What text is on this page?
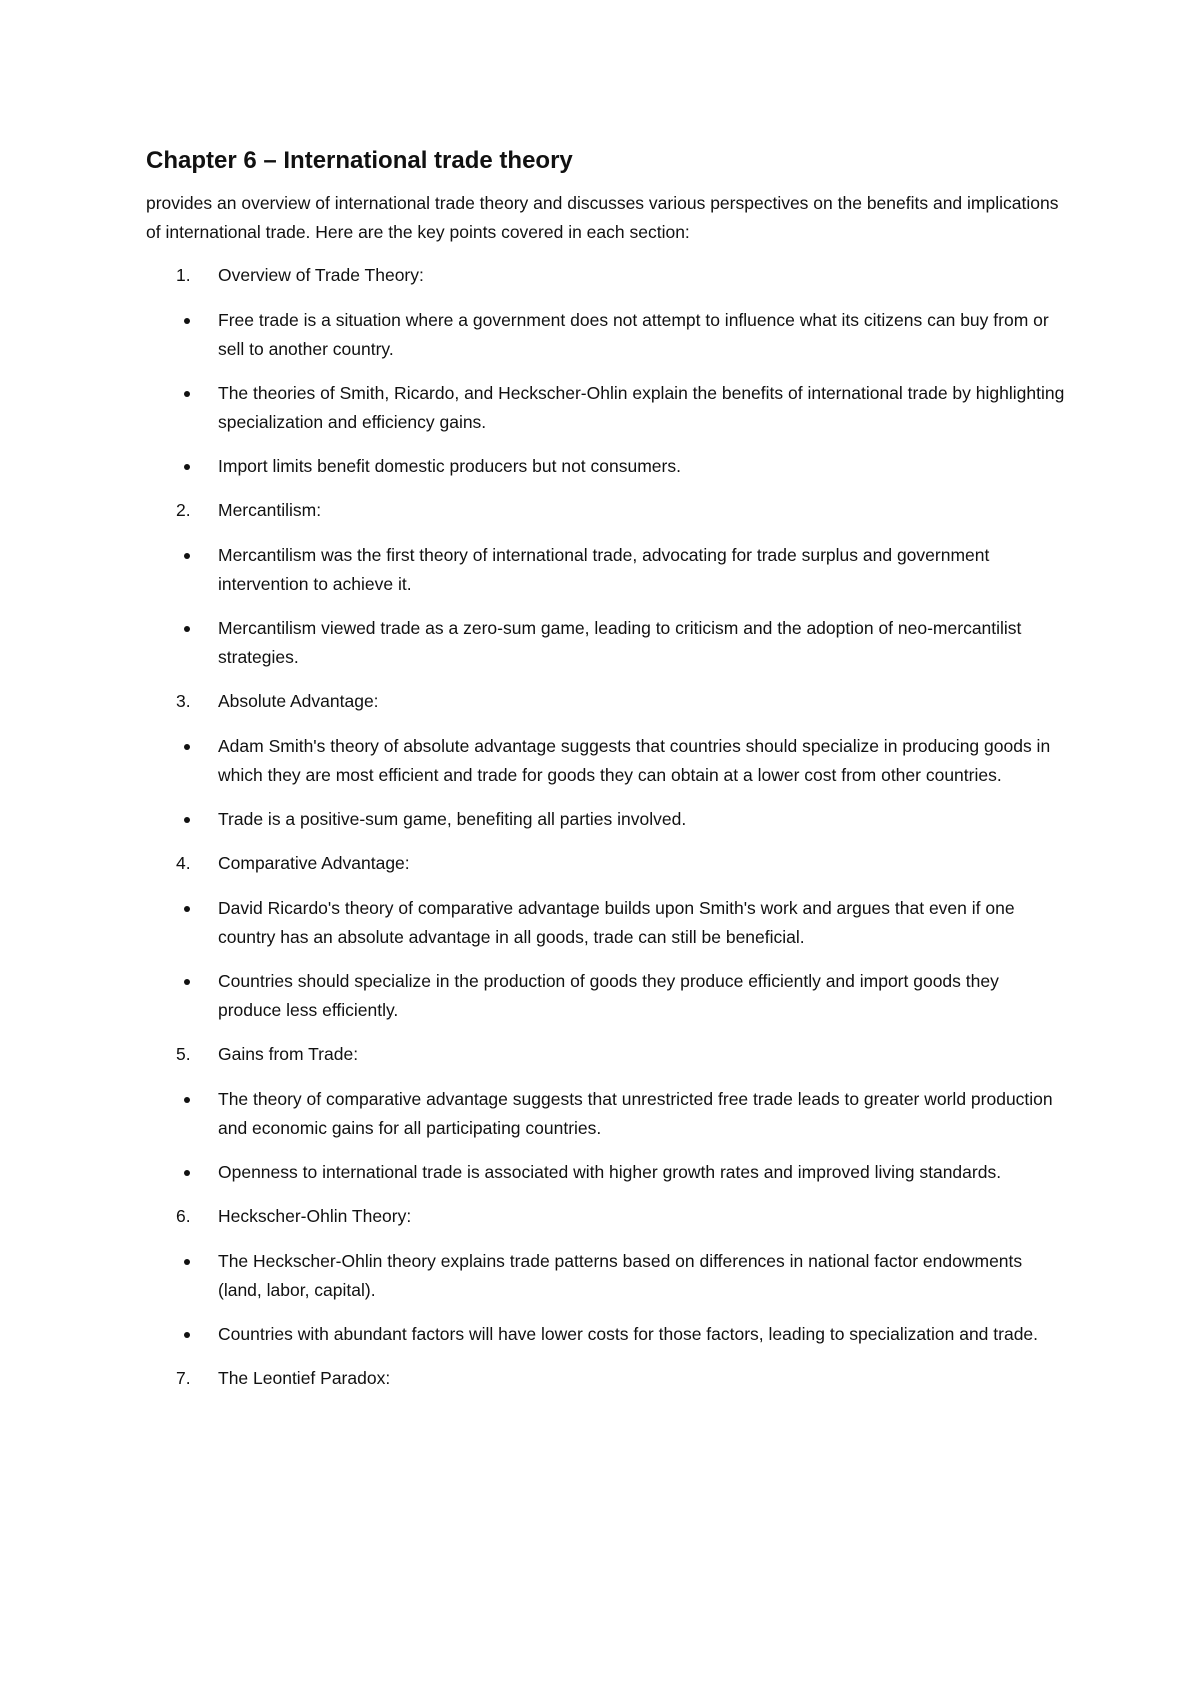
Chapter 6 – International trade theory

provides an overview of international trade theory and discusses various perspectives on the benefits and implications of international trade. Here are the key points covered in each section:

1. Overview of Trade Theory:
Free trade is a situation where a government does not attempt to influence what its citizens can buy from or sell to another country.
The theories of Smith, Ricardo, and Heckscher-Ohlin explain the benefits of international trade by highlighting specialization and efficiency gains.
Import limits benefit domestic producers but not consumers.
2. Mercantilism:
Mercantilism was the first theory of international trade, advocating for trade surplus and government intervention to achieve it.
Mercantilism viewed trade as a zero-sum game, leading to criticism and the adoption of neo-mercantilist strategies.
3. Absolute Advantage:
Adam Smith's theory of absolute advantage suggests that countries should specialize in producing goods in which they are most efficient and trade for goods they can obtain at a lower cost from other countries.
Trade is a positive-sum game, benefiting all parties involved.
4. Comparative Advantage:
David Ricardo's theory of comparative advantage builds upon Smith's work and argues that even if one country has an absolute advantage in all goods, trade can still be beneficial.
Countries should specialize in the production of goods they produce efficiently and import goods they produce less efficiently.
5. Gains from Trade:
The theory of comparative advantage suggests that unrestricted free trade leads to greater world production and economic gains for all participating countries.
Openness to international trade is associated with higher growth rates and improved living standards.
6. Heckscher-Ohlin Theory:
The Heckscher-Ohlin theory explains trade patterns based on differences in national factor endowments (land, labor, capital).
Countries with abundant factors will have lower costs for those factors, leading to specialization and trade.
7. The Leontief Paradox:
